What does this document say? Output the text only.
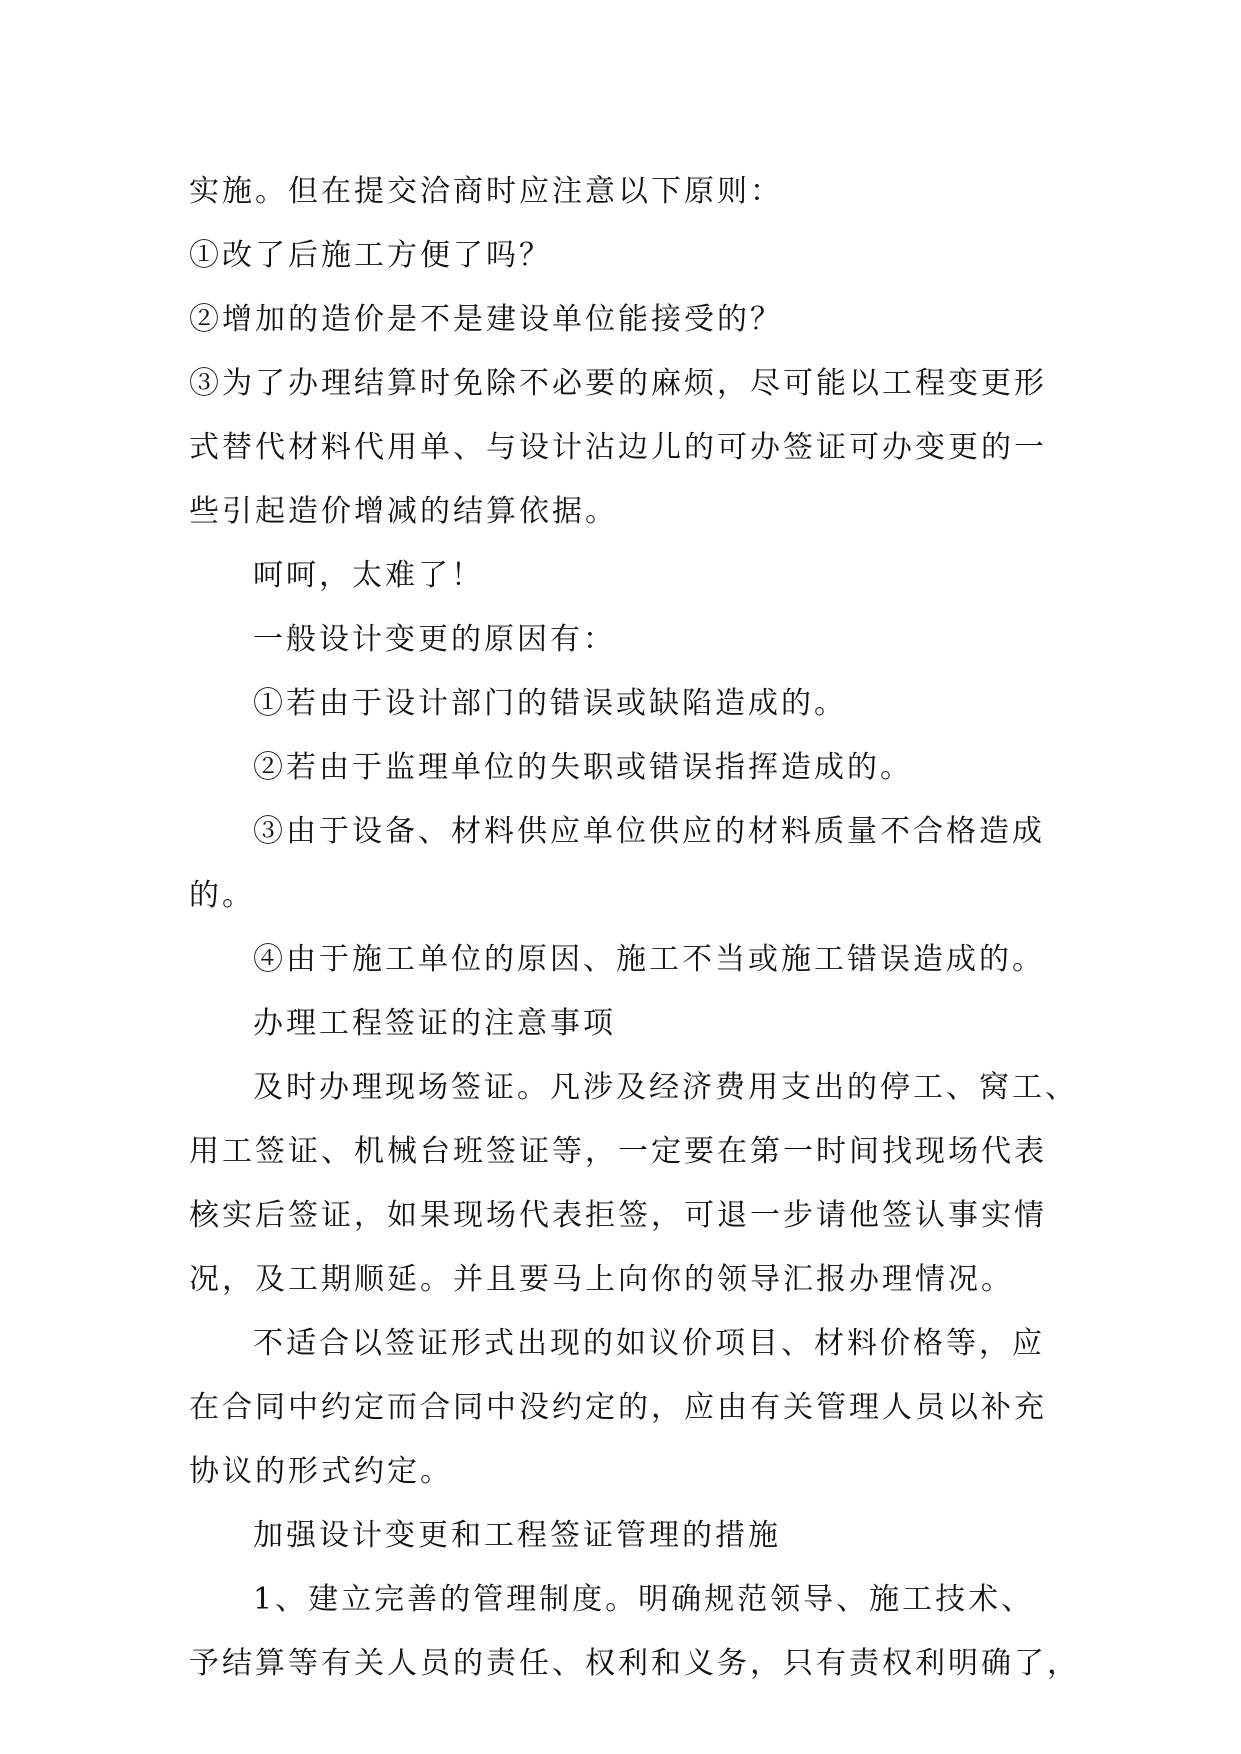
实施。但在提交洽商时应注意以下原则：
①改了后施工方便了吗？
②增加的造价是不是建设单位能接受的？
③为了办理结算时免除不必要的麻烦，尽可能以工程变更形
式替代材料代用单、与设计沾边儿的可办签证可办变更的一
些引起造价增减的结算依据。
呵呵，太难了！
一般设计变更的原因有：
①若由于设计部门的错误或缺陷造成的。
②若由于监理单位的失职或错误指挥造成的。
③由于设备、材料供应单位供应的材料质量不合格造成
的。
④由于施工单位的原因、施工不当或施工错误造成的。
办理工程签证的注意事项
及时办理现场签证。凡涉及经济费用支出的停工、窝工、
用工签证、机械台班签证等，一定要在第一时间找现场代表
核实后签证，如果现场代表拒签，可退一步请他签认事实情
况，及工期顺延。并且要马上向你的领导汇报办理情况。
不适合以签证形式出现的如议价项目、材料价格等，应
在合同中约定而合同中没约定的，应由有关管理人员以补充
协议的形式约定。
加强设计变更和工程签证管理的措施
1、建立完善的管理制度。明确规范领导、施工技术、
予结算等有关人员的责任、权利和义务，只有责权利明确了，
